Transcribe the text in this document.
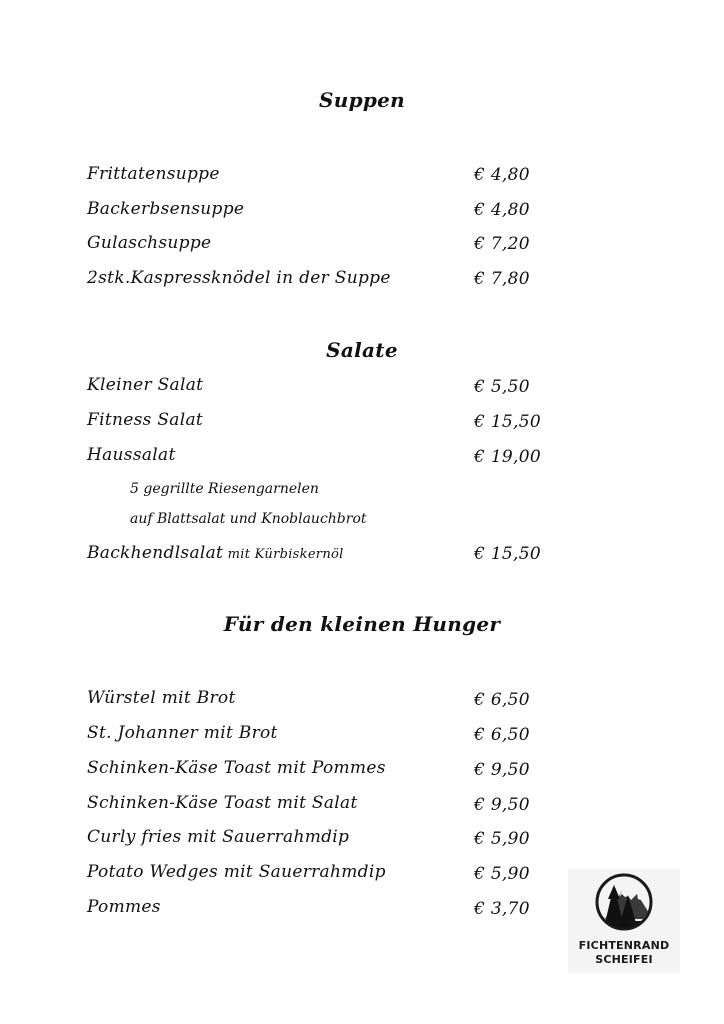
Suppen
Frittatensuppe	€ 4,80
Backerbsensuppe	€ 4,80
Gulaschsuppe	€ 7,20
2stk.Kaspressknödel in der Suppe	€ 7,80
Salate
Kleiner Salat	€ 5,50
Fitness Salat	€ 15,50
Haussalat	€ 19,00
5 gegrillte Riesengarnelen
auf Blattsalat und Knoblauchbrot
Backhendlsalat mit Kürbiskernöl	€ 15,50
Für den kleinen Hunger
Würstel mit Brot	€ 6,50
St. Johanner mit Brot	€ 6,50
Schinken-Käse Toast mit Pommes	€ 9,50
Schinken-Käse Toast mit Salat	€ 9,50
Curly fries mit Sauerrahmdip	€ 5,90
Potato Wedges mit Sauerrahmdip	€ 5,90
Pommes	€ 3,70
FICHTENRAND
SCHEIFEI
